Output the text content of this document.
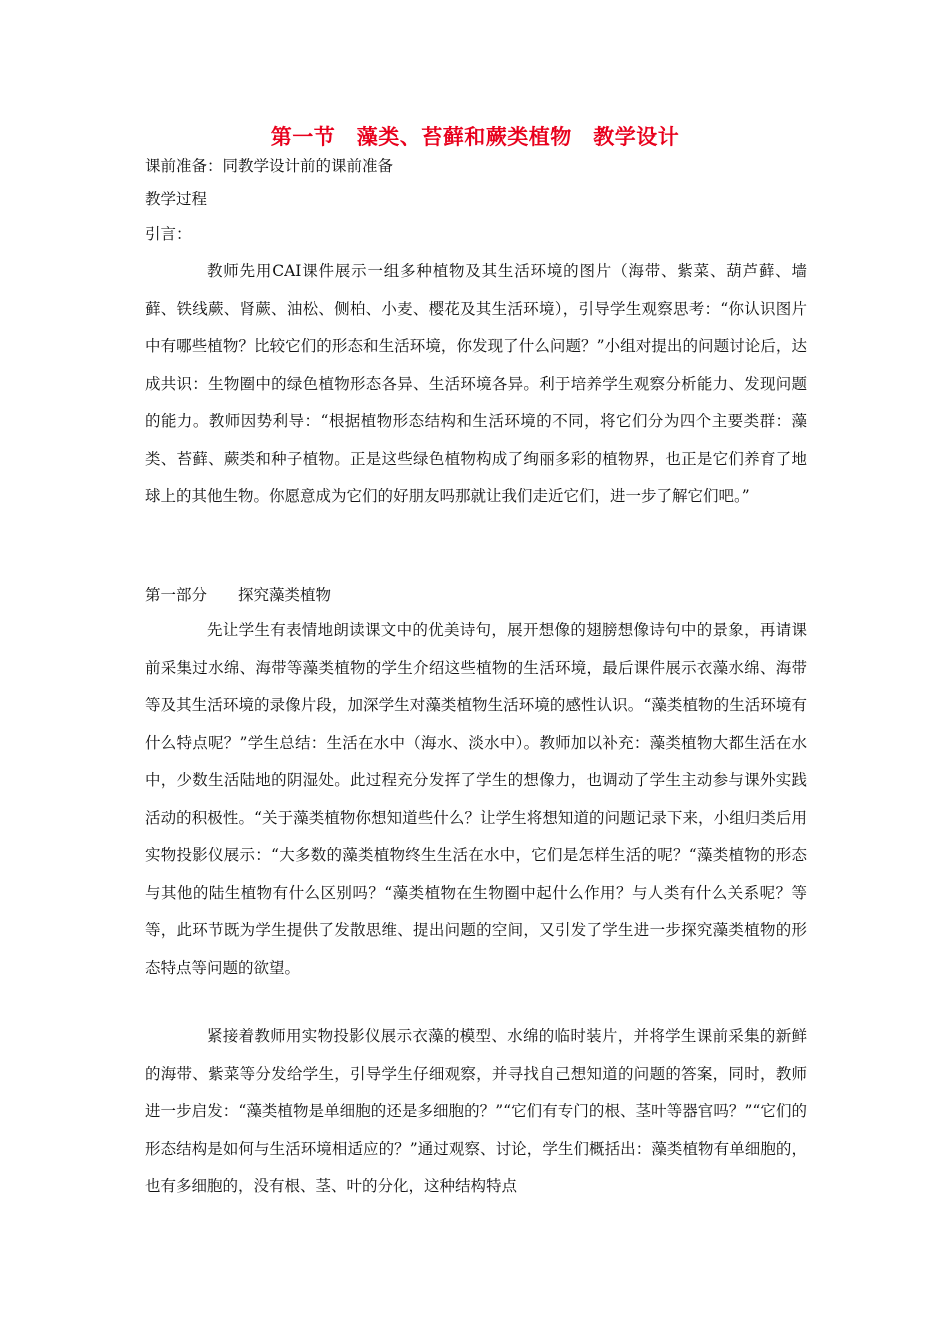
第一节　藻类、苔藓和蕨类植物　教学设计
课前准备：同教学设计前的课前准备
教学过程
引言：

教师先用CAI课件展示一组多种植物及其生活环境的图片（海带、紫菜、葫芦藓、墙藓、铁线蕨、肾蕨、油松、侧柏、小麦、樱花及其生活环境），引导学生观察思考：“你认识图片中有哪些植物？比较它们的形态和生活环境，你发现了什么问题？”小组对提出的问题讨论后，达成共识：生物圈中的绿色植物形态各异、生活环境各异。利于培养学生观察分析能力、发现问题的能力。教师因势利导：“根据植物形态结构和生活环境的不同，将它们分为四个主要类群：藻类、苔藓、蕨类和种子植物。正是这些绿色植物构成了绚丽多彩的植物界，也正是它们养育了地球上的其他生物。你愿意成为它们的好朋友吗那就让我们走近它们，进一步了解它们吧。”

第一部分　　探究藻类植物

先让学生有表情地朗读课文中的优美诗句，展开想像的翅膀想像诗句中的景象，再请课前采集过水绵、海带等藻类植物的学生介绍这些植物的生活环境，最后课件展示衣藻水绵、海带等及其生活环境的录像片段，加深学生对藻类植物生活环境的感性认识。“藻类植物的生活环境有什么特点呢？”学生总结：生活在水中（海水、淡水中）。教师加以补充：藻类植物大都生活在水中，少数生活陆地的阴湿处。此过程充分发挥了学生的想像力，也调动了学生主动参与课外实践活动的积极性。“关于藻类植物你想知道些什么？让学生将想知道的问题记录下来，小组归类后用实物投影仪展示：“大多数的藻类植物终生生活在水中，它们是怎样生活的呢？“藻类植物的形态与其他的陆生植物有什么区别吗？“藻类植物在生物圈中起什么作用？与人类有什么关系呢？等等，此环节既为学生提供了发散思维、提出问题的空间，又引发了学生进一步探究藻类植物的形态特点等问题的欲望。

紧接着教师用实物投影仪展示衣藻的模型、水绵的临时装片，并将学生课前采集的新鲜的海带、紫菜等分发给学生，引导学生仔细观察，并寻找自己想知道的问题的答案，同时，教师进一步启发：“藻类植物是单细胞的还是多细胞的？”“它们有专门的根、茎叶等器官吗？”“它们的形态结构是如何与生活环境相适应的？”通过观察、讨论，学生们概括出：藻类植物有单细胞的，也有多细胞的，没有根、茎、叶的分化，这种结构特点
